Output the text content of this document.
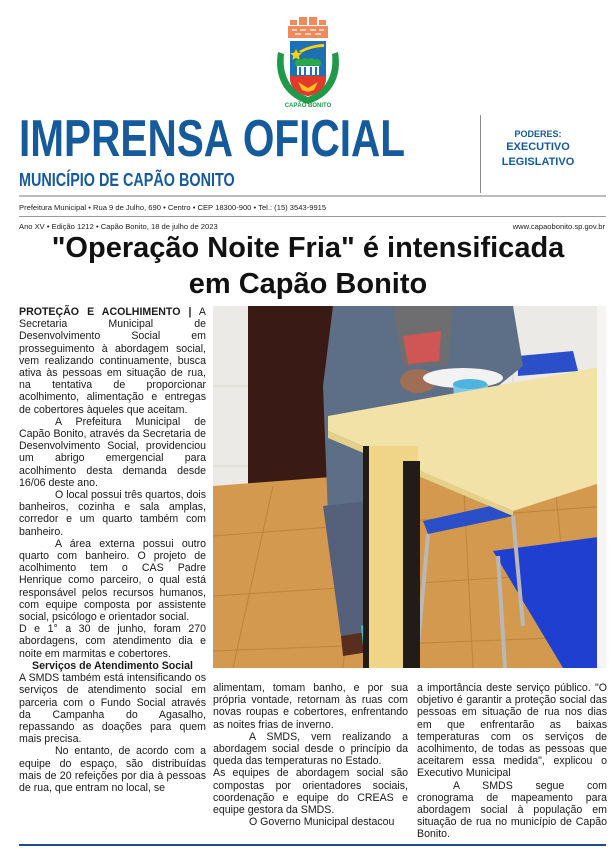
CAPÃO BONITO
IMPRENSA OFICIAL
MUNICÍPIO DE CAPÃO BONITO
PODERES:
EXECUTIVO
LEGISLATIVO
Prefeitura Municipal • Rua 9 de Julho, 690 • Centro • CEP 18300-900 • Tel.: (15) 3543-9915
Ano XV • Edição 1212 • Capão Bonito, 18 de julho de 2023	www.capaobonito.sp.gov.br
"Operação Noite Fria" é intensificada
em Capão Bonito

PROTEÇÃO E ACOLHIMENTO | A Secretaria Municipal de Desenvolvimento Social em prosseguimento à abordagem social, vem realizando continuamente, busca ativa às pessoas em situação de rua, na tentativa de proporcionar acolhimento, alimentação e entregas de cobertores àqueles que aceitam.

A Prefeitura Municipal de Capão Bonito, através da Secretaria de Desenvolvimento Social, providenciou um abrigo emergencial para acolhimento desta demanda desde 16/06 deste ano.

O local possui três quartos, dois banheiros, cozinha e sala amplas, corredor e um quarto também com banheiro.

A área externa possui outro quarto com banheiro. O projeto de acolhimento tem o CAS Padre Henrique como parceiro, o qual está responsável pelos recursos humanos, com equipe composta por assistente social, psicólogo e orientador social.

D e 1° a 30 de junho, foram 270 abordagens, com atendimento dia e noite em marmitas e cobertores.

Serviços de Atendimento Social

A SMDS também está intensificando os serviços de atendimento social em parceria com o Fundo Social através da Campanha do Agasalho, repassando as doações para quem mais precisa.

No entanto, de acordo com a equipe do espaço, são distribuídas mais de 20 refeições por dia à pessoas de rua, que entram no local, se

alimentam, tomam banho, e por sua própria vontade, retornam às ruas com novas roupas e cobertores, enfrentando as noites frias de inverno.

A SMDS, vem realizando a abordagem social desde o princípio da queda das temperaturas no Estado.

As equipes de abordagem social são compostas por orientadores sociais, coordenação e equipe do CREAS e equipe gestora da SMDS.

O Governo Municipal destacou

a importância deste serviço público. "O objetivo é garantir a proteção social das pessoas em situação de rua nos dias em que enfrentarão as baixas temperaturas com os serviços de acolhimento, de todas as pessoas que aceitarem essa medida", explicou o Executivo Municipal

A SMDS segue com cronograma de mapeamento para abordagem social à população em situação de rua no município de Capão Bonito.
